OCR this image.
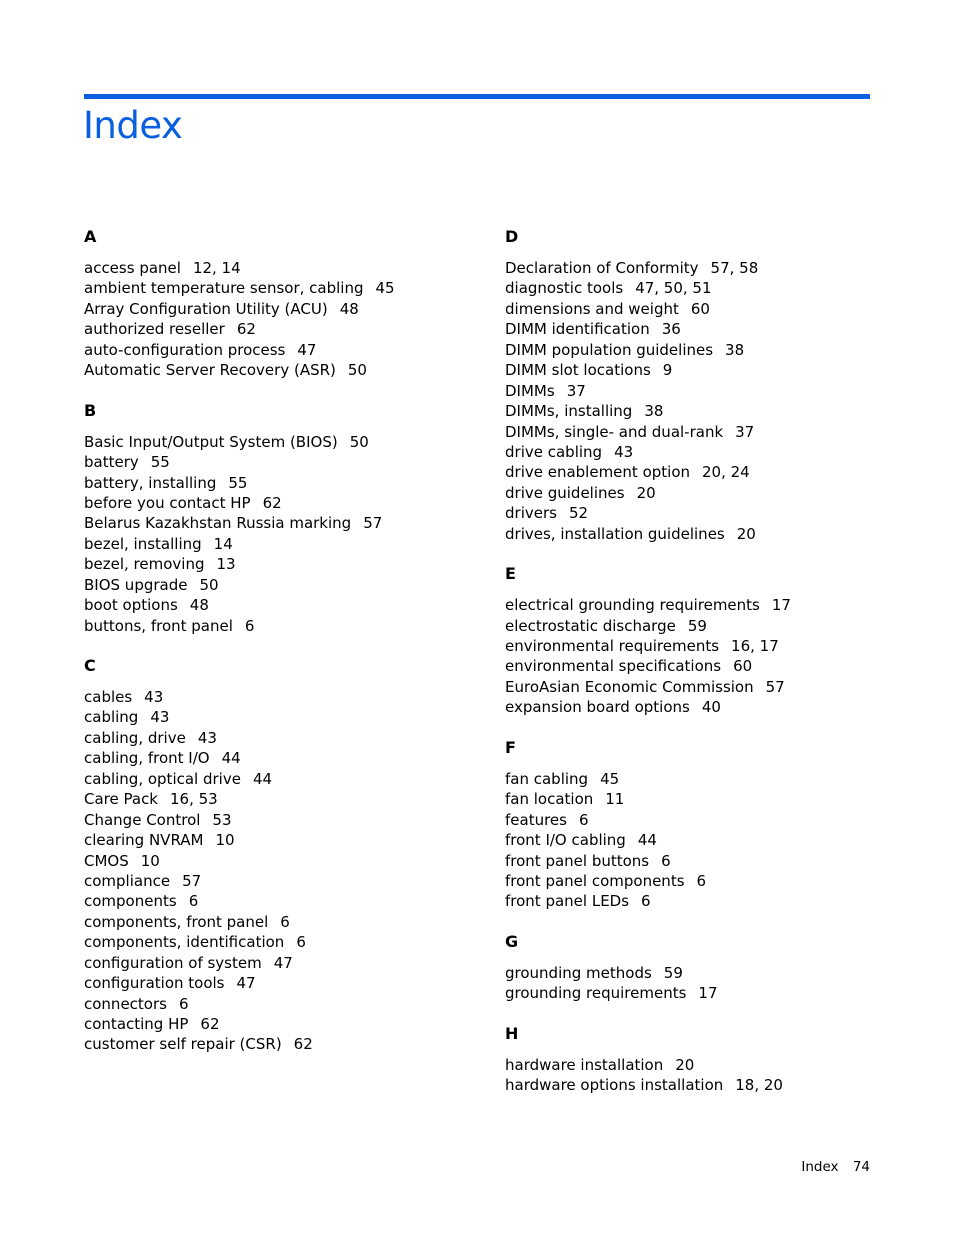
Index
A
access panel 12, 14
ambient temperature sensor, cabling 45
Array Configuration Utility (ACU) 48
authorized reseller 62
auto-configuration process 47
Automatic Server Recovery (ASR) 50
B
Basic Input/Output System (BIOS) 50
battery 55
battery, installing 55
before you contact HP 62
Belarus Kazakhstan Russia marking 57
bezel, installing 14
bezel, removing 13
BIOS upgrade 50
boot options 48
buttons, front panel 6
C
cables 43
cabling 43
cabling, drive 43
cabling, front I/O 44
cabling, optical drive 44
Care Pack 16, 53
Change Control 53
clearing NVRAM 10
CMOS 10
compliance 57
components 6
components, front panel 6
components, identification 6
configuration of system 47
configuration tools 47
connectors 6
contacting HP 62
customer self repair (CSR) 62
D
Declaration of Conformity 57, 58
diagnostic tools 47, 50, 51
dimensions and weight 60
DIMM identification 36
DIMM population guidelines 38
DIMM slot locations 9
DIMMs 37
DIMMs, installing 38
DIMMs, single- and dual-rank 37
drive cabling 43
drive enablement option 20, 24
drive guidelines 20
drivers 52
drives, installation guidelines 20
E
electrical grounding requirements 17
electrostatic discharge 59
environmental requirements 16, 17
environmental specifications 60
EuroAsian Economic Commission 57
expansion board options 40
F
fan cabling 45
fan location 11
features 6
front I/O cabling 44
front panel buttons 6
front panel components 6
front panel LEDs 6
G
grounding methods 59
grounding requirements 17
H
hardware installation 20
hardware options installation 18, 20
Index 74
